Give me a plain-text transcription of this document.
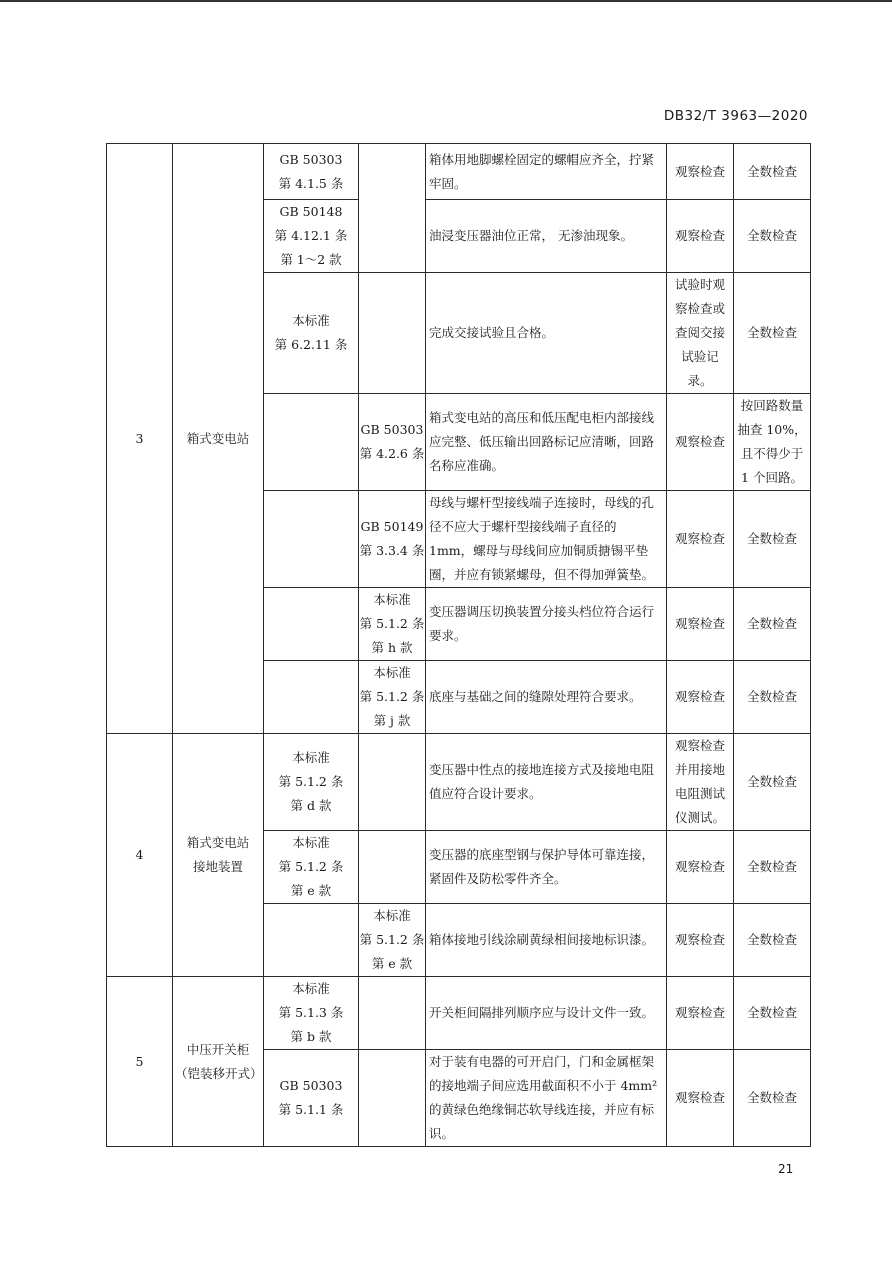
DB32/T 3963—2020
3	箱式变电站	GB 50303
第 4.1.5 条		箱体用地脚螺栓固定的螺帽应齐全，拧紧牢固。	观察检查	全数检查

		GB 50148
第 4.12.1 条
第 1～2 款		油浸变压器油位正常， 无渗油现象。	观察检查	全数检查

		本标准
第 6.2.11 条		完成交接试验且合格。	试验时观察检查或查阅交接试验记录。	全数检查

			GB 50303
第 4.2.6 条	箱式变电站的高压和低压配电柜内部接线应完整、低压输出回路标记应清晰，回路名称应准确。	观察检查	按回路数量抽查 10%，且不得少于 1 个回路。

			GB 50149
第 3.3.4 条	母线与螺杆型接线端子连接时，母线的孔径不应大于螺杆型接线端子直径的 1mm，螺母与母线间应加铜质搪锡平垫圈，并应有锁紧螺母，但不得加弹簧垫。	观察检查	全数检查

			本标准
第 5.1.2 条
第 h 款	变压器调压切换装置分接头档位符合运行要求。	观察检查	全数检查

			本标准
第 5.1.2 条
第 j 款	底座与基础之间的缝隙处理符合要求。	观察检查	全数检查
4	箱式变电站
接地装置	本标准
第 5.1.2 条
第 d 款		变压器中性点的接地连接方式及接地电阻值应符合设计要求。	观察检查并用接地电阻测试仪测试。	全数检查

		本标准
第 5.1.2 条
第 e 款		变压器的底座型钢与保护导体可靠连接，紧固件及防松零件齐全。	观察检查	全数检查

			本标准
第 5.1.2 条
第 e 款	箱体接地引线涂刷黄绿相间接地标识漆。	观察检查	全数检查
5	中压开关柜
（铠装移开式）	本标准
第 5.1.3 条
第 b 款		开关柜间隔排列顺序应与设计文件一致。	观察检查	全数检查

		GB 50303
第 5.1.1 条		对于装有电器的可开启门，门和金属框架的接地端子间应选用截面积不小于 4mm² 的黄绿色绝缘铜芯软导线连接，并应有标识。	观察检查	全数检查
21
